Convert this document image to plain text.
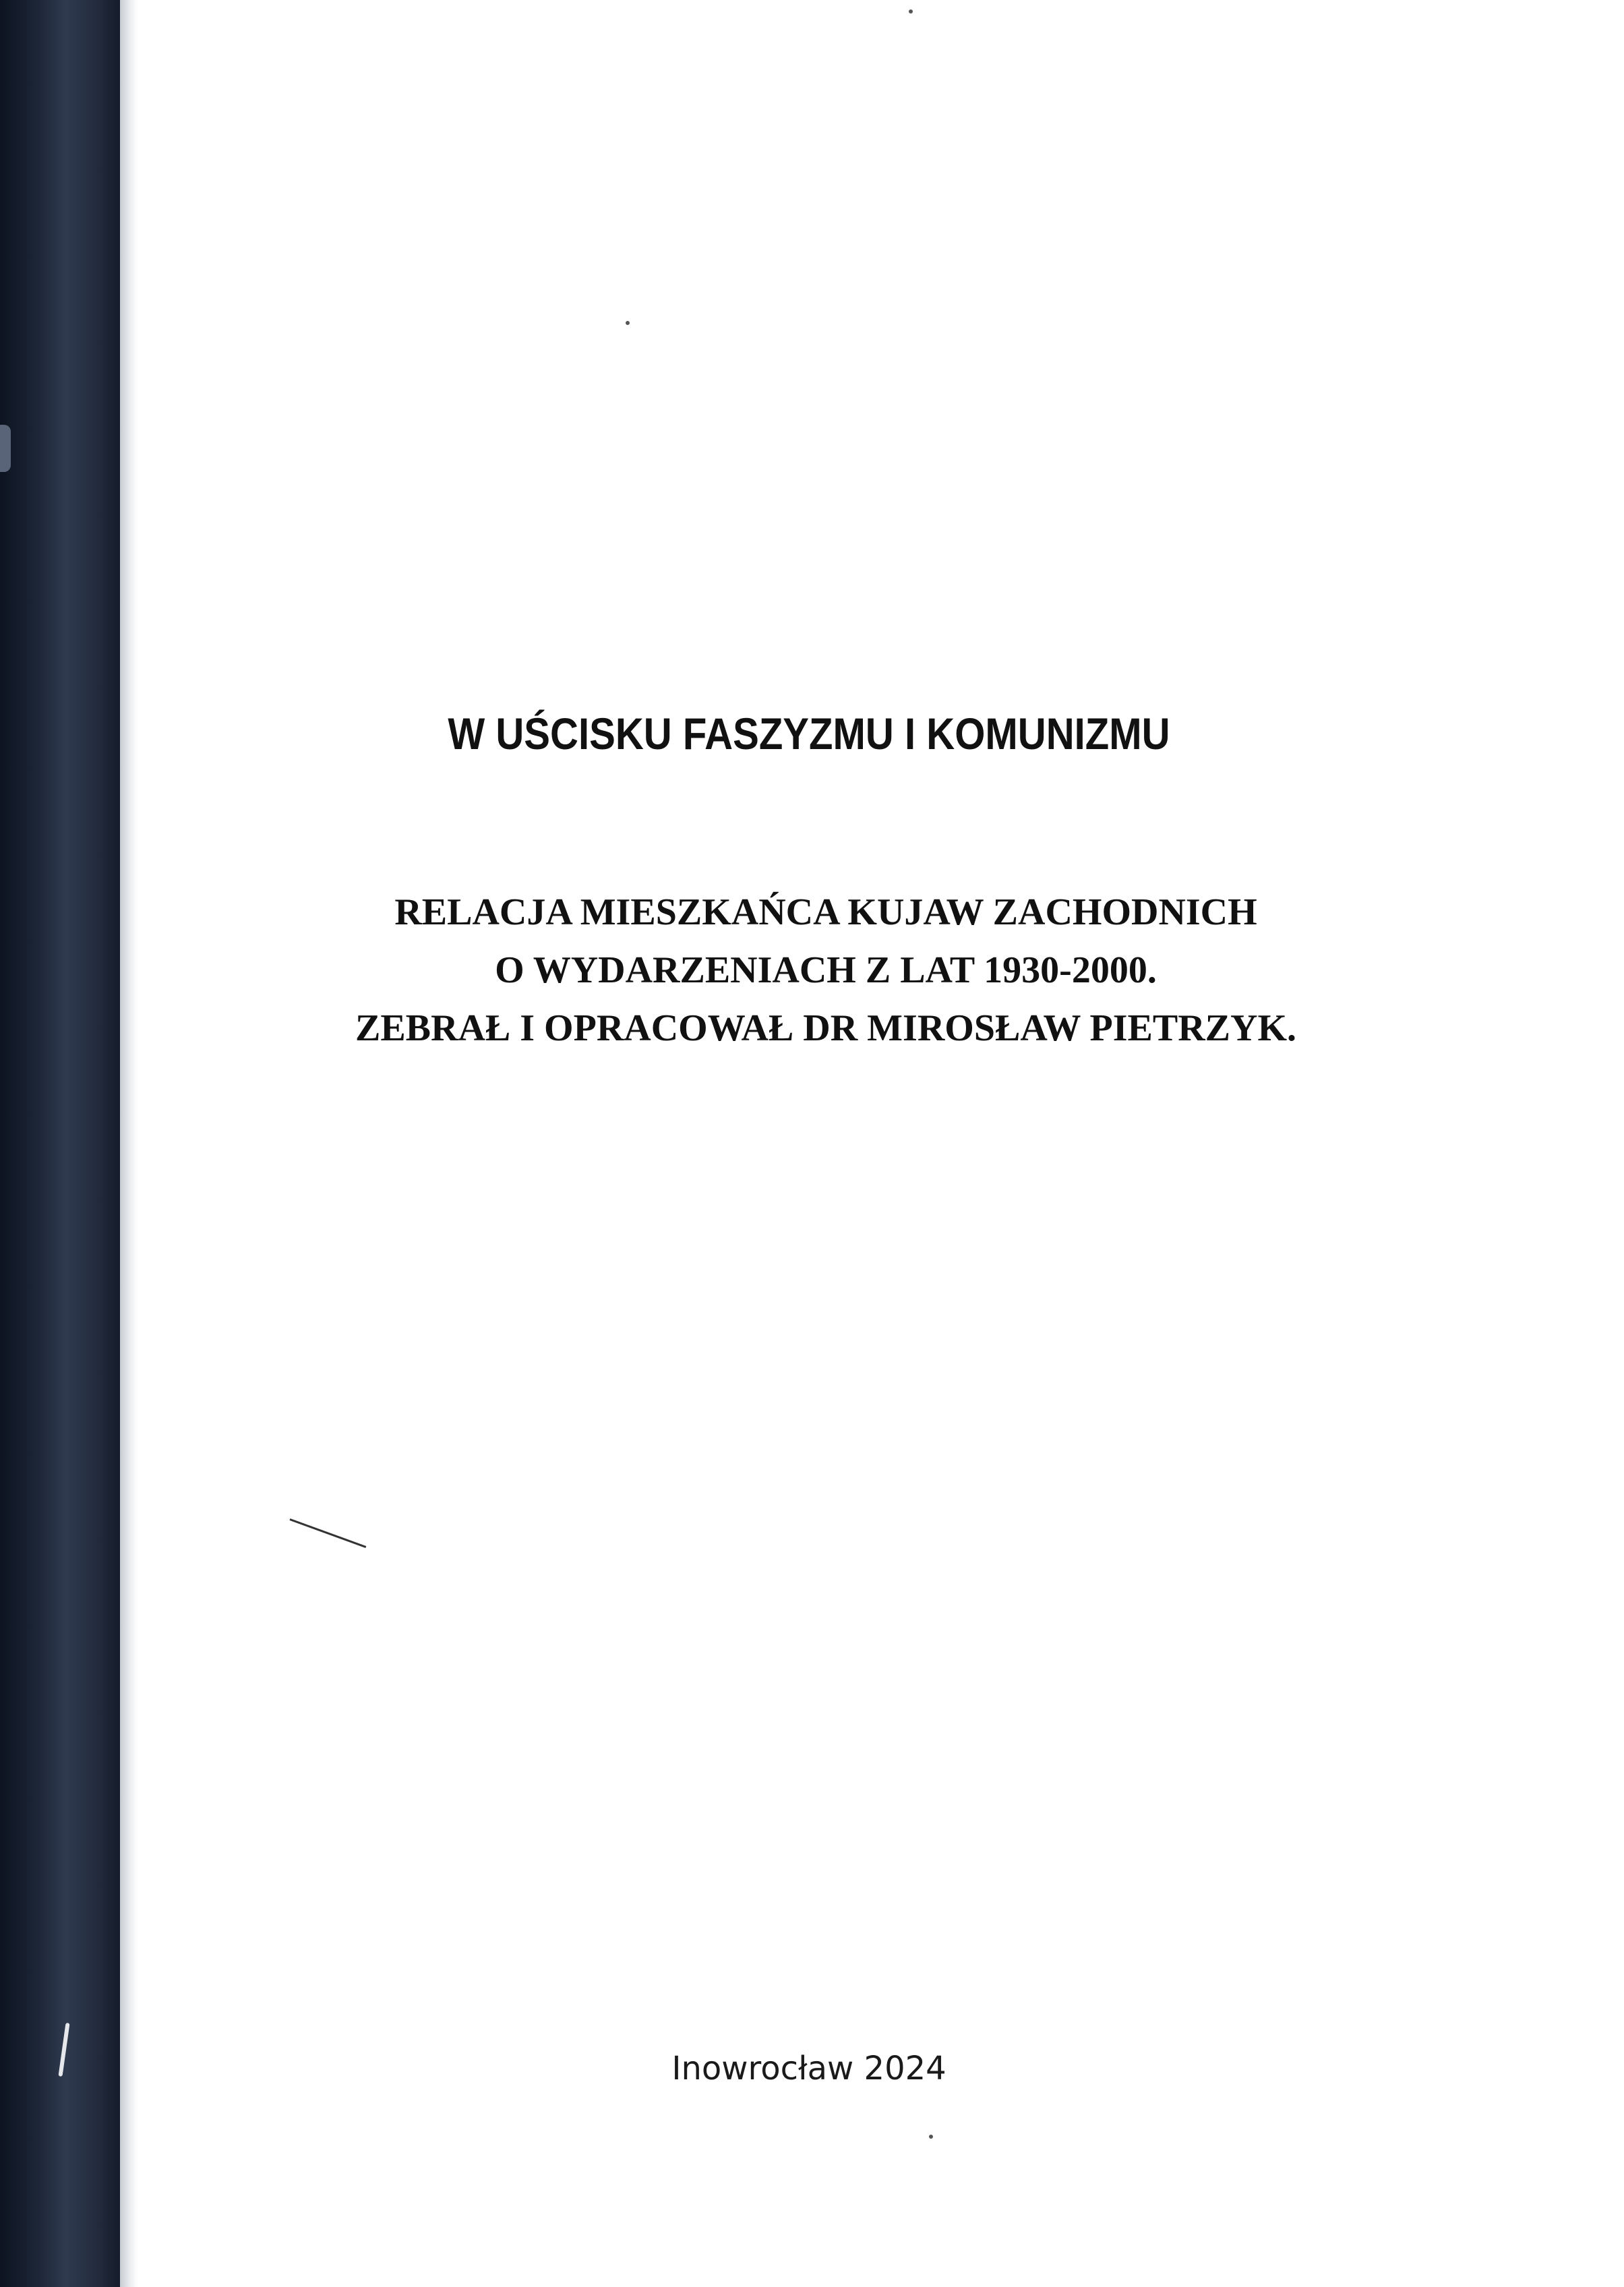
W UŚCISKU FASZYZMU I KOMUNIZMU
RELACJA MIESZKAŃCA KUJAW ZACHODNICH
O WYDARZENIACH Z LAT 1930-2000.
ZEBRAŁ I OPRACOWAŁ DR MIROSŁAW PIETRZYK.
Inowrocław 2024
